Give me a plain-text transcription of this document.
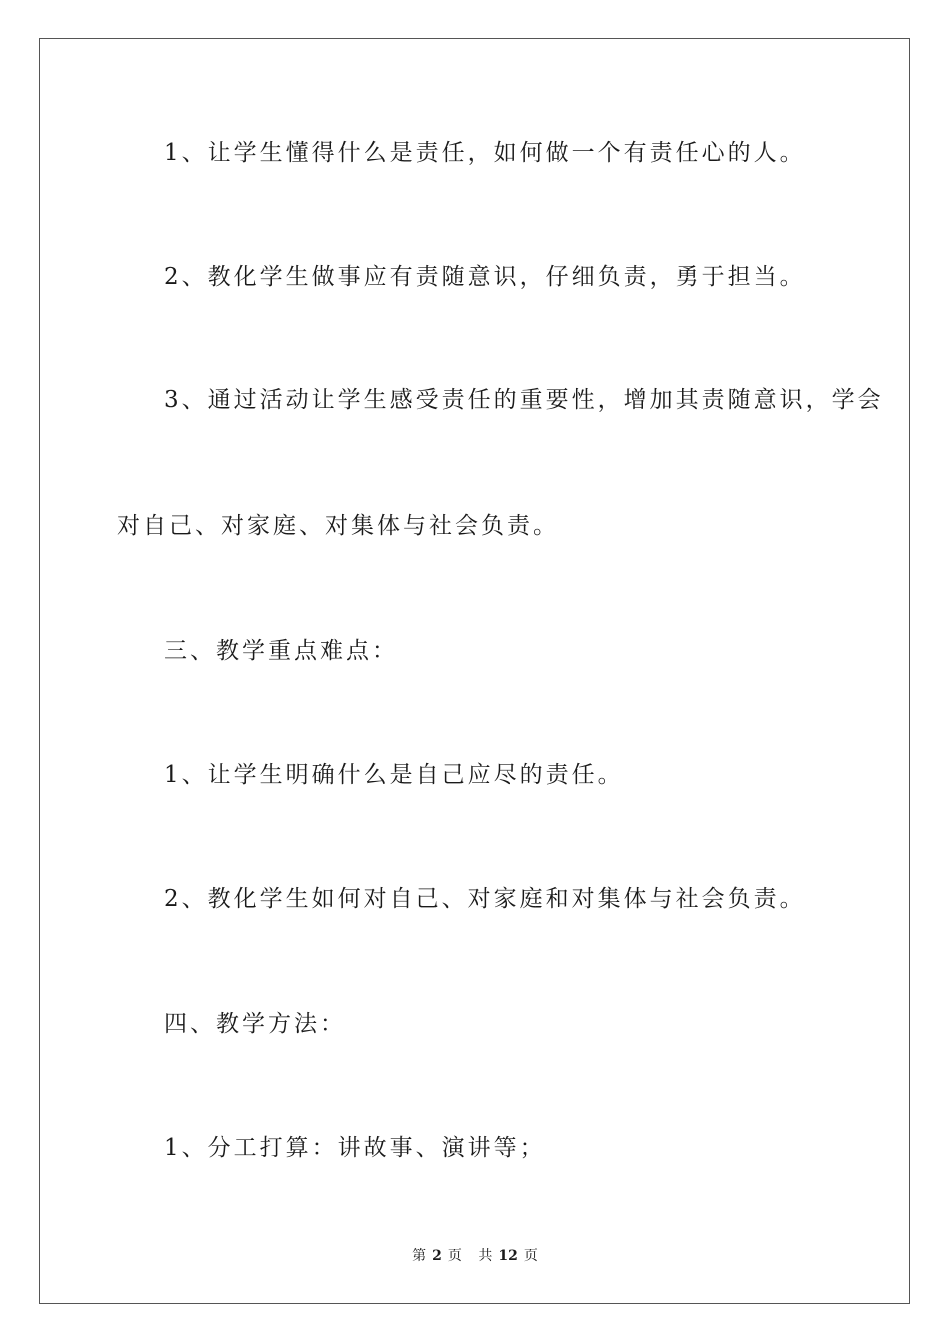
1、让学生懂得什么是责任，如何做一个有责任心的人。

2、教化学生做事应有责随意识，仔细负责，勇于担当。

3、通过活动让学生感受责任的重要性，增加其责随意识，学会

对自己、对家庭、对集体与社会负责。

三、教学重点难点：

1、让学生明确什么是自己应尽的责任。

2、教化学生如何对自己、对家庭和对集体与社会负责。

四、教学方法：

1、分工打算：讲故事、演讲等；

第 2 页 共 12 页
